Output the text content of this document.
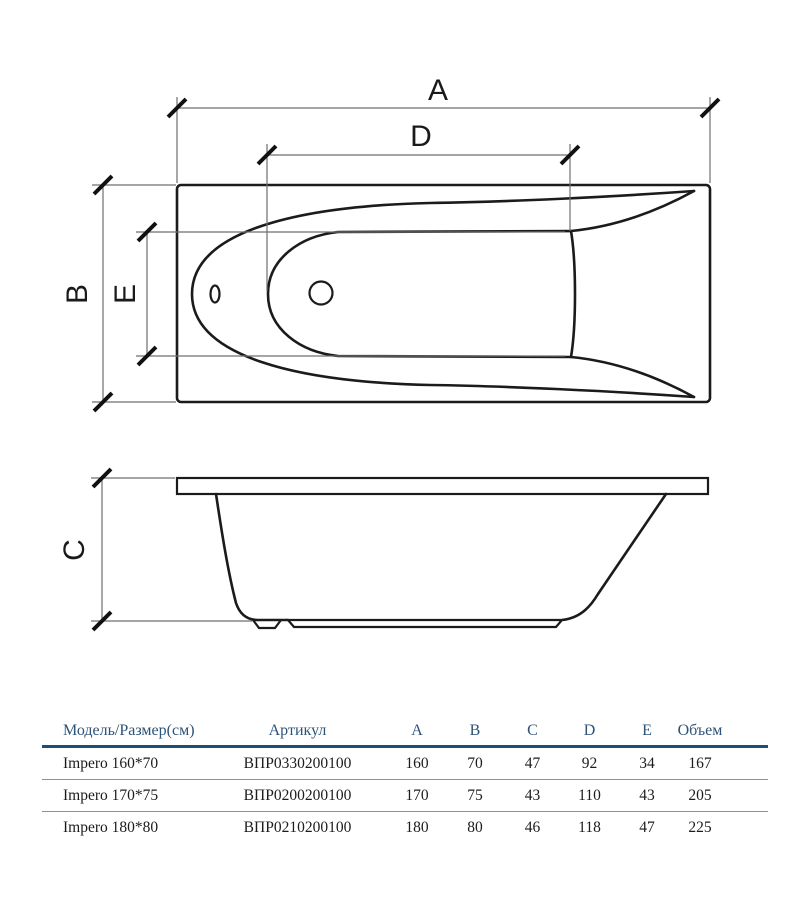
A
D
B E
C
Модель/Размер(см)	Артикул	A	B	C	D	E	Объем
Impero 160*70	ВПР0330200100	160	70	47	92	34	167
Impero 170*75	ВПР0200200100	170	75	43	110	43	205
Impero 180*80	ВПР0210200100	180	80	46	118	47	225
